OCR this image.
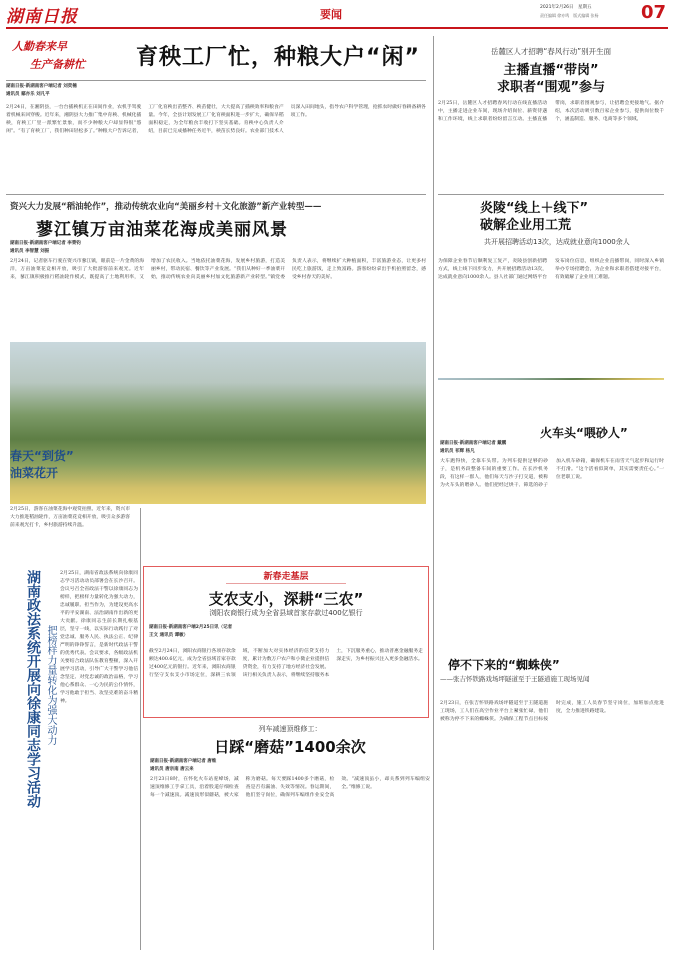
湖南日报	要闻
2021年2月26日　星期五
责任编辑 徐亦鸣　版式编辑 张杨 07
人勤春来早
生产备耕忙 育秧工厂忙，种粮大户“闲”
湖南日报·新湖南客户端记者 刘奕楠
通讯员 鄢亦乐 刘凡平
2月24日，在湘阴县，一台台插秧机正在田间作业，农机手驾驶着机械来回穿梭。近年来，湘阴县大力推广集中育秧、机械化插秧，育秧工厂里一派繁忙景象，而不少种粮大户却显得很“悠闲”。“有了育秧工厂，我们种田轻松多了。”种粮大户告诉记者，工厂化育秧出苗整齐、秧苗健壮，大大提高了插秧效率和粮食产量。今年，全县计划发展工厂化育秧面积进一步扩大，确保早稻面积稳定，为全年粮食丰收打下坚实基础。育秧中心负责人介绍，目前已完成播种任务近半，秧苗长势良好。农业部门技术人员深入田间地头，指导农户科学管理，抢抓农时做好春耕备耕各项工作。
资兴大力发展“稻油轮作”，推动传统农业向“美丽乡村＋文化旅游”新产业转型——
蓼江镇万亩油菜花海成美丽风景
湖南日报·新湖南客户端记者 李秉钧
通讯员 李智慧 刘振
2月24日，记者驱车行驶在资兴市蓼江镇，眼前是一片金黄的海洋，万亩油菜花竞相开放，吸引了大批游客前来观光。近年来，蓼江镇积极推行稻油轮作模式，既提高了土地利用率，又增加了农民收入。当地依托油菜花海，发展乡村旅游，打造美丽乡村，带动民宿、餐饮等产业发展。“我们从种好一季油菜开始，推动传统农业向美丽乡村加文化旅游新产业转型。”镇党委负责人表示，将继续扩大种植面积，丰富旅游业态，让更多村民吃上旅游饭，走上致富路。游客纷纷拿出手机拍照留念，感受乡村春天的美好。
春天“到货”
油菜花开
2月25日，游客在油菜花海中观赏拍照。近年来，资兴市大力推进稻油轮作，万亩油菜花竞相开放，吸引众多游客前来观光打卡，乡村旅游持续升温。
湖南政法系统开展向徐康同志学习活动 把榜样力量转化为强大动力
2月25日，湖南省政法系统向徐康同志学习活动动员部署会在长沙召开。会议号召全省政法干警以徐康同志为榜样，把榜样力量转化为强大动力，忠诚履职、担当作为，为建设更高水平的平安湖南、法治湖南作出新的更大贡献。徐康同志生前长期扎根基层，坚守一线，以实际行动践行了对党忠诚、服务人民、执法公正、纪律严明的铮铮誓言，是新时代政法干警的优秀代表。会议要求，各级政法机关要结合政法队伍教育整顿，深入开展学习活动，引导广大干警学习他信念坚定、对党忠诚的政治品格，学习他心系群众、一心为民的公仆情怀，学习他敢于担当、攻坚克难的奋斗精神。
岳麓区人才招聘“春风行动”别开生面
主播直播“带岗”
求职者“围观”参与
2月25日，岳麓区人才招聘春风行动在线直播活动中，主播走进企业车间，现场介绍岗位、薪资待遇和工作环境，线上求职者纷纷留言互动。主播直播带岗，求职者围观参与，让招聘会更接地气。据介绍，本次活动吸引数百家企业参与，提供岗位数千个，涵盖制造、服务、电商等多个领域。
炎陵“线上＋线下”
破解企业用工荒
共开展招聘活动13次，达成就业意向1000余人
为保障企业春节后顺利复工复产，炎陵县创新招聘方式，线上线下同步发力，共开展招聘活动13次，达成就业意向1000余人。县人社部门通过网络平台发布岗位信息，组织企业直播带岗，同时深入乡镇举办专场招聘会，为企业和求职者搭建对接平台，有效破解了企业用工难题。
火车头“喂砂人”
湖南日报·新湖南客户端记者 戴鹏
通讯员 祁辉 杨凡
大车跑得快，全靠车头带。为列车提供足够的砂子，是机务段整备车间的重要工作。在长沙机务段，有这样一群人，他们每天与沙子打交道，被称为火车头的喂砂人。他们把经过烘干、筛选的砂子加入机车砂箱，确保机车在雨雪天气起步和运行时不打滑。“这个活看似简单，其实需要责任心。”一位老职工说。
新春走基层
支农支小，深耕“三农”
浏阳农商银行成为全省县域首家存款过400亿银行
湖南日报·新湖南客户端2月25日讯（记者 王文 通讯员 谭敏）
截至2月24日，浏阳农商银行各项存款余额达400.6亿元，成为全省县域首家存款过400亿元的银行。近年来，浏阳农商银行坚守支农支小市场定位，深耕三农领域，不断加大对实体经济的信贷支持力度，累计为数万户农户和小微企业提供信贷资金，有力支持了地方经济社会发展。该行相关负责人表示，将继续坚持服务本土，下沉服务重心，推动普惠金融服务走深走实，为乡村振兴注入更多金融活水。
列车减速顶维修工：
日踩“磨菇”1400余次
湖南日报·新湖南客户端记者 唐维
通讯员 唐宗南 唐云来
2月23日8时，在怀化火车站驼峰场，减速顶维修工手拿工具，沿着股道仔细检查每一个减速顶。减速顶形似蘑菇，被大家称为磨菇。每天要踩1400多个磨菇，检查是否有漏油、失效等情况。春运期间，他们坚守岗位，确保列车编组作业安全高效。“减速顶虽小，却关系到列车编组安全。”维修工说。
停不下来的“蜘蛛侠”
——张吉怀铁路戏场坪隧道至于王隧道施工现场见闻
2月23日，在张吉怀铁路戏场坪隧道至于王隧道施工现场，工人们在高空作业平台上紧张忙碌，他们被称为停不下来的蜘蛛侠。为确保工程节点目标按时完成，施工人员春节坚守岗位，加班加点抢进度，全力推进铁路建设。
